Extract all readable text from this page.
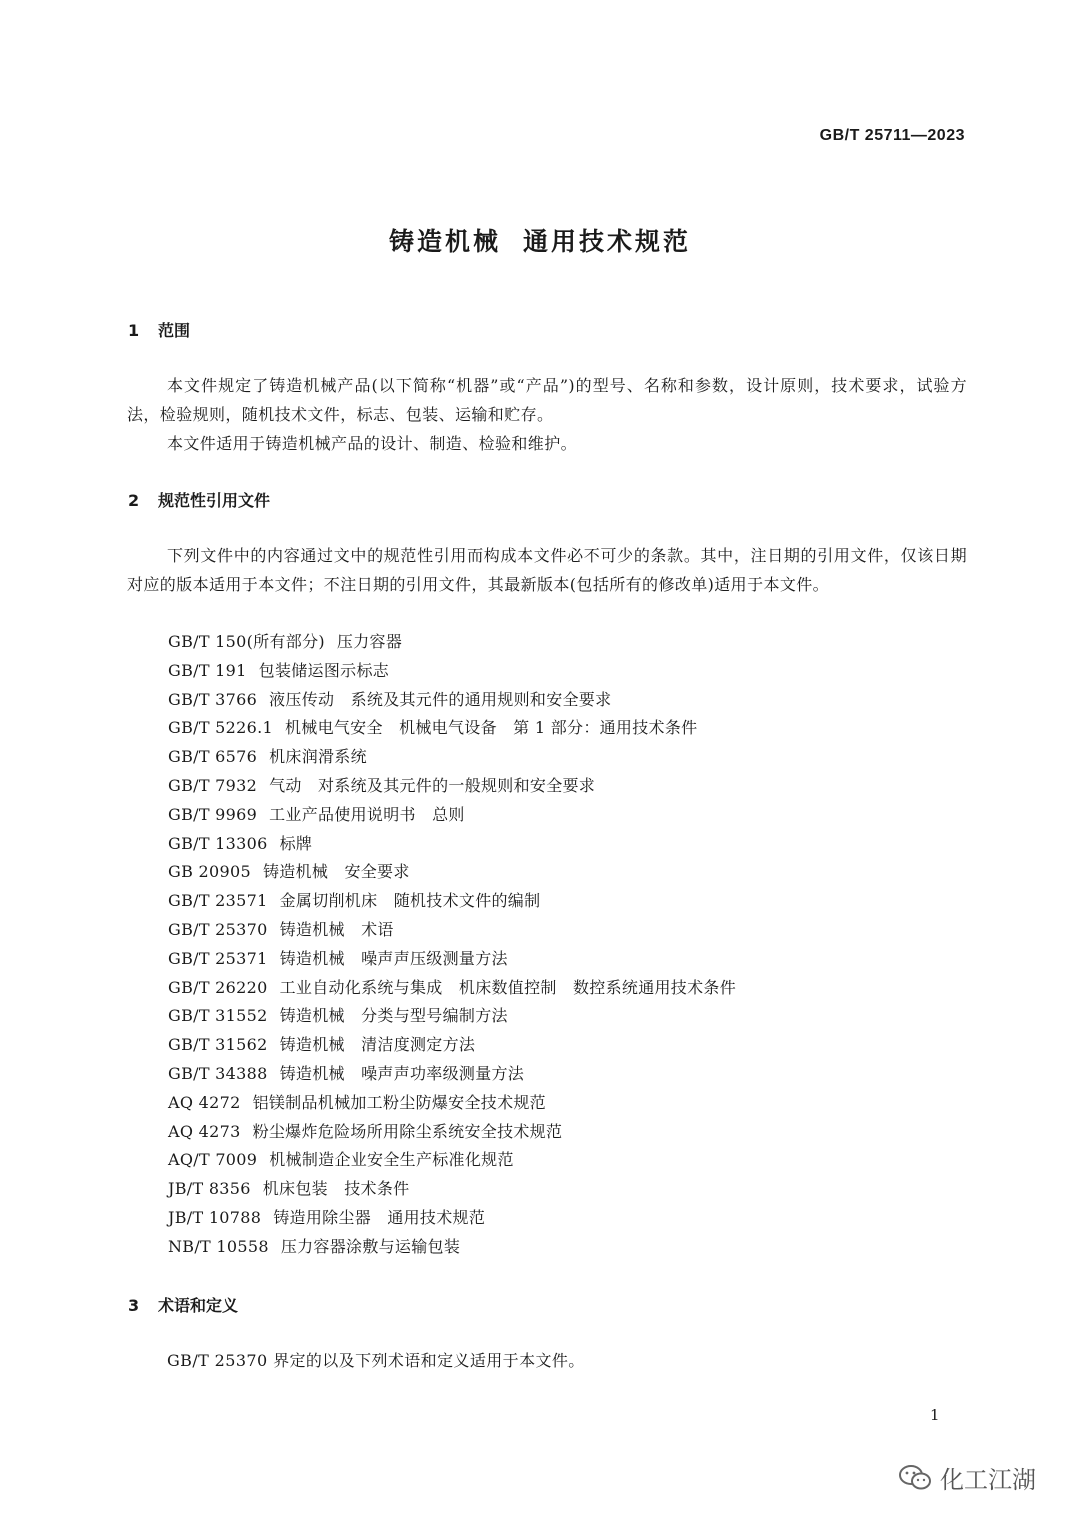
GB/T 25711—2023
铸造机械 通用技术规范
1 范围
本文件规定了铸造机械产品(以下简称“机器”或“产品”)的型号、名称和参数，设计原则，技术要求，试验方法，检验规则，随机技术文件，标志、包装、运输和贮存。
本文件适用于铸造机械产品的设计、制造、检验和维护。
2 规范性引用文件
下列文件中的内容通过文中的规范性引用而构成本文件必不可少的条款。其中，注日期的引用文件，仅该日期对应的版本适用于本文件；不注日期的引用文件，其最新版本(包括所有的修改单)适用于本文件。
GB/T 150(所有部分) 压力容器
GB/T 191 包装储运图示标志
GB/T 3766 液压传动　系统及其元件的通用规则和安全要求
GB/T 5226.1 机械电气安全　机械电气设备　第 1 部分：通用技术条件
GB/T 6576 机床润滑系统
GB/T 7932 气动　对系统及其元件的一般规则和安全要求
GB/T 9969 工业产品使用说明书　总则
GB/T 13306 标牌
GB 20905 铸造机械　安全要求
GB/T 23571 金属切削机床　随机技术文件的编制
GB/T 25370 铸造机械　术语
GB/T 25371 铸造机械　噪声声压级测量方法
GB/T 26220 工业自动化系统与集成　机床数值控制　数控系统通用技术条件
GB/T 31552 铸造机械　分类与型号编制方法
GB/T 31562 铸造机械　清洁度测定方法
GB/T 34388 铸造机械　噪声声功率级测量方法
AQ 4272 铝镁制品机械加工粉尘防爆安全技术规范
AQ 4273 粉尘爆炸危险场所用除尘系统安全技术规范
AQ/T 7009 机械制造企业安全生产标准化规范
JB/T 8356 机床包装　技术条件
JB/T 10788 铸造用除尘器　通用技术规范
NB/T 10558 压力容器涂敷与运输包装
3 术语和定义
GB/T 25370 界定的以及下列术语和定义适用于本文件。
1
化工江湖
